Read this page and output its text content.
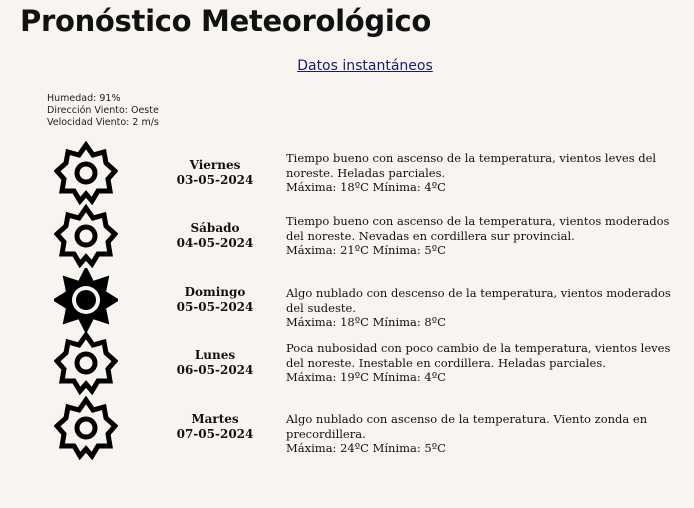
Pronóstico Meteorológico
Datos instantáneos
Humedad: 91%
Dirección Viento: Oeste
Velocidad Viento: 2 m/s
Viernes
03-05-2024
Tiempo bueno con ascenso de la temperatura, vientos leves del noreste. Heladas parciales.
Máxima: 18ºC Mínima: 4ºC
Sábado
04-05-2024
Tiempo bueno con ascenso de la temperatura, vientos moderados del noreste. Nevadas en cordillera sur provincial.
Máxima: 21ºC Mínima: 5ºC
Domingo
05-05-2024
Algo nublado con descenso de la temperatura, vientos moderados del sudeste.
Máxima: 18ºC Mínima: 8ºC
Lunes
06-05-2024
Poca nubosidad con poco cambio de la temperatura, vientos leves del noreste. Inestable en cordillera. Heladas parciales.
Máxima: 19ºC Mínima: 4ºC
Martes
07-05-2024
Algo nublado con ascenso de la temperatura. Viento zonda en precordillera.
Máxima: 24ºC Mínima: 5ºC
